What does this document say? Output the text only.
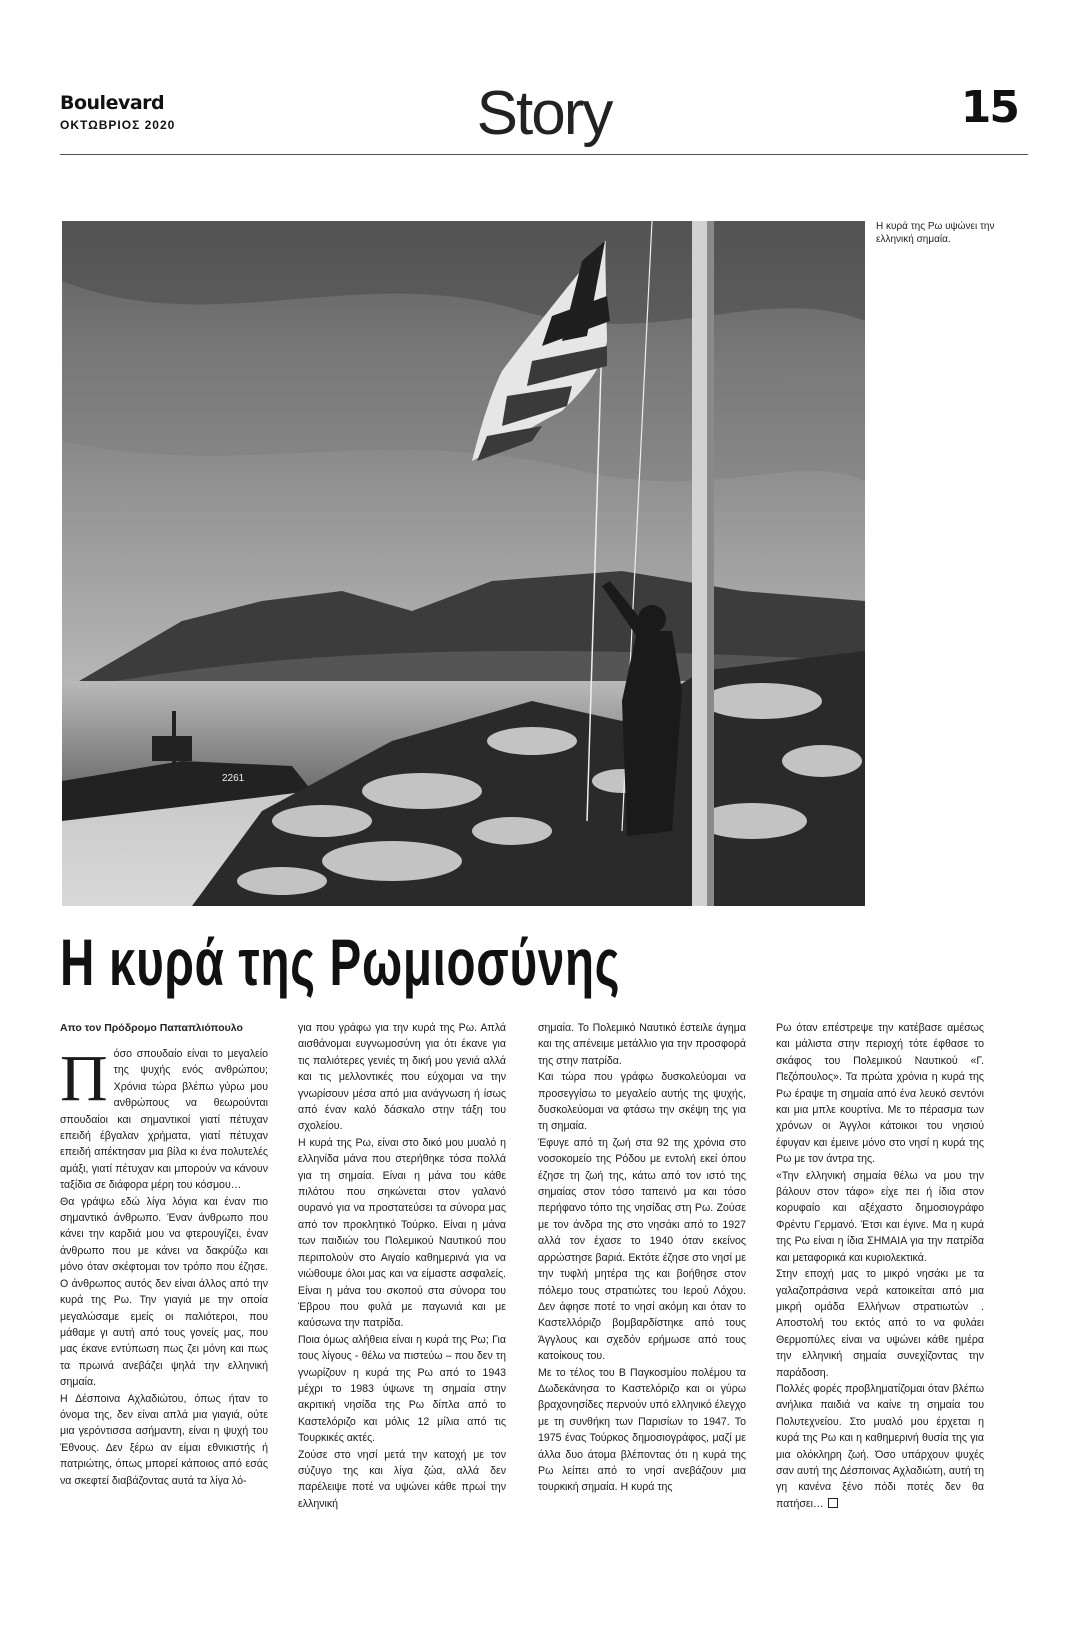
Boulevard
ΟΚΤΩΒΡΙΟΣ 2020	Story	15
2261
Η κυρά της Ρω υψώνει την ελληνική σημαία.
Η κυρά της Ρωμιοσύνης
Απο τον Πρόδρομο Παπαπλιόπουλο
Π όσο σπουδαίο είναι το μεγαλείο της ψυχής ενός ανθρώπου; Χρόνια τώρα βλέπω γύρω μου ανθρώπους να θεωρούνται σπουδαίοι και σημαντικοί γιατί πέτυχαν επειδή έβγαλαν χρήματα, γιατί πέτυχαν επειδή απέκτησαν μια βίλα κι ένα πολυτελές αμάξι, γιατί πέτυχαν και μπορούν να κάνουν ταξίδια σε διάφορα μέρη του κόσμου…

Θα γράψω εδώ λίγα λόγια και έναν πιο σημαντικό άνθρωπο. Έναν άνθρωπο που κάνει την καρδιά μου να φτερουγίζει, έναν άνθρωπο που με κάνει να δακρύζω και μόνο όταν σκέφτομαι τον τρόπο που έζησε. Ο άνθρωπος αυτός δεν είναι άλλος από την κυρά της Ρω. Την γιαγιά με την οποία μεγαλώσαμε εμείς οι παλιότεροι, που μάθαμε γι αυτή από τους γονείς μας, που μας έκανε εντύπωση πως ζει μόνη και πως τα πρωινά ανεβάζει ψηλά την ελληνική σημαία.

Η Δέσποινα Αχλαδιώτου, όπως ήταν το όνομα της, δεν είναι απλά μια γιαγιά, ούτε μια γερόντισσα ασήμαντη, είναι η ψυχή του Έθνους. Δεν ξέρω αν είμαι εθνικιστής ή πατριώτης, όπως μπορεί κάποιος από εσάς να σκεφτεί διαβάζοντας αυτά τα λίγα λό-

για που γράφω για την κυρά της Ρω. Απλά αισθάνομαι ευγνωμοσύνη για ότι έκανε για τις παλιότερες γενιές τη δική μου γενιά αλλά και τις μελλοντικές που εύχομαι να την γνωρίσουν μέσα από μια ανάγνωση ή ίσως από έναν καλό δάσκαλο στην τάξη του σχολείου.

Η κυρά της Ρω, είναι στο δικό μου μυαλό η ελληνίδα μάνα που στερήθηκε τόσα πολλά για τη σημαία. Είναι η μάνα του κάθε πιλότου που σηκώνεται στον γαλανό ουρανό για να προστατεύσει τα σύνορα μας από τον προκλητικό Τούρκο. Είναι η μάνα των παιδιών του Πολεμικού Ναυτικού που περιπολούν στο Αιγαίο καθημερινά για να νιώθουμε όλοι μας και να είμαστε ασφαλείς. Είναι η μάνα του σκοπού στα σύνορα του Έβρου που φυλά με παγωνιά και με καύσωνα την πατρίδα.

Ποια όμως αλήθεια είναι η κυρά της Ρω; Για τους λίγους - θέλω να πιστεύω – που δεν τη γνωρίζουν η κυρά της Ρω από το 1943 μέχρι το 1983 ύψωνε τη σημαία στην ακριτική νησίδα της Ρω δίπλα από το Καστελόριζο και μόλις 12 μίλια από τις Τουρκικές ακτές.

Ζούσε στο νησί μετά την κατοχή με τον σύζυγο της και λίγα ζώα, αλλά δεν παρέλειψε ποτέ να υψώνει κάθε πρωί την ελληνική

σημαία. Το Πολεμικό Ναυτικό έστειλε άγημα και της απένειμε μετάλλιο για την προσφορά της στην πατρίδα.

Και τώρα που γράφω δυσκολεύομαι να προσεγγίσω το μεγαλείο αυτής της ψυχής, δυσκολεύομαι να φτάσω την σκέψη της για τη σημαία.

Έφυγε από τη ζωή στα 92 της χρόνια στο νοσοκομείο της Ρόδου με εντολή εκεί όπου έζησε τη ζωή της, κάτω από τον ιστό της σημαίας στον τόσο ταπεινό μα και τόσο περήφανο τόπο της νησίδας στη Ρω. Ζούσε με τον άνδρα της στο νησάκι από το 1927 αλλά τον έχασε το 1940 όταν εκείνος αρρώστησε βαριά. Εκτότε έζησε στο νησί με την τυφλή μητέρα της και βοήθησε στον πόλεμο τους στρατιώτες του Ιερού Λόχου. Δεν άφησε ποτέ το νησί ακόμη και όταν το Καστελλόριζο βομβαρδίστηκε από τους Άγγλους και σχεδόν ερήμωσε από τους κατοίκους του.

Με το τέλος του Β Παγκοσμίου πολέμου τα Δωδεκάνησα το Καστελόριζο και οι γύρω βραχονησίδες περνούν υπό ελληνικό έλεγχο με τη συνθήκη των Παρισίων το 1947. Το 1975 ένας Τούρκος δημοσιογράφος, μαζί με άλλα δυο άτομα βλέποντας ότι η κυρά της Ρω λείπει από το νησί ανεβάζουν μια τουρκική σημαία. Η κυρά της

Ρω όταν επέστρεψε την κατέβασε αμέσως και μάλιστα στην περιοχή τότε έφθασε το σκάφος του Πολεμικού Ναυτικού «Γ. Πεζόπουλος». Τα πρώτα χρόνια η κυρά της Ρω έραψε τη σημαία από ένα λευκό σεντόνι και μια μπλε κουρτίνα. Με το πέρασμα των χρόνων οι Άγγλοι κάτοικοι του νησιού έφυγαν και έμεινε μόνο στο νησί η κυρά της Ρω με τον άντρα της.

«Την ελληνική σημαία θέλω να μου την βάλουν στον τάφο» είχε πει ή ίδια στον κορυφαίο και αξέχαστο δημοσιογράφο Φρέντυ Γερμανό. Έτσι και έγινε. Μα η κυρά της Ρω είναι η ίδια ΣΗΜΑΙΑ για την πατρίδα και μεταφορικά και κυριολεκτικά.

Στην εποχή μας το μικρό νησάκι με τα γαλαζοπράσινα νερά κατοικείται από μια μικρή ομάδα Ελλήνων στρατιωτών . Αποστολή του εκτός από το να φυλάει Θερμοπύλες είναι να υψώνει κάθε ημέρα την ελληνική σημαία συνεχίζοντας την παράδοση.

Πολλές φορές προβληματίζομαι όταν βλέπω ανήλικα παιδιά να καίνε τη σημαία του Πολυτεχνείου. Στο μυαλό μου έρχεται η κυρά της Ρω και η καθημερινή θυσία της για μια ολόκληρη ζωή. Όσο υπάρχουν ψυχές σαν αυτή της Δέσποινας Αχλαδιώτη, αυτή τη γη κανένα ξένο πόδι ποτές δεν θα πατήσει…
